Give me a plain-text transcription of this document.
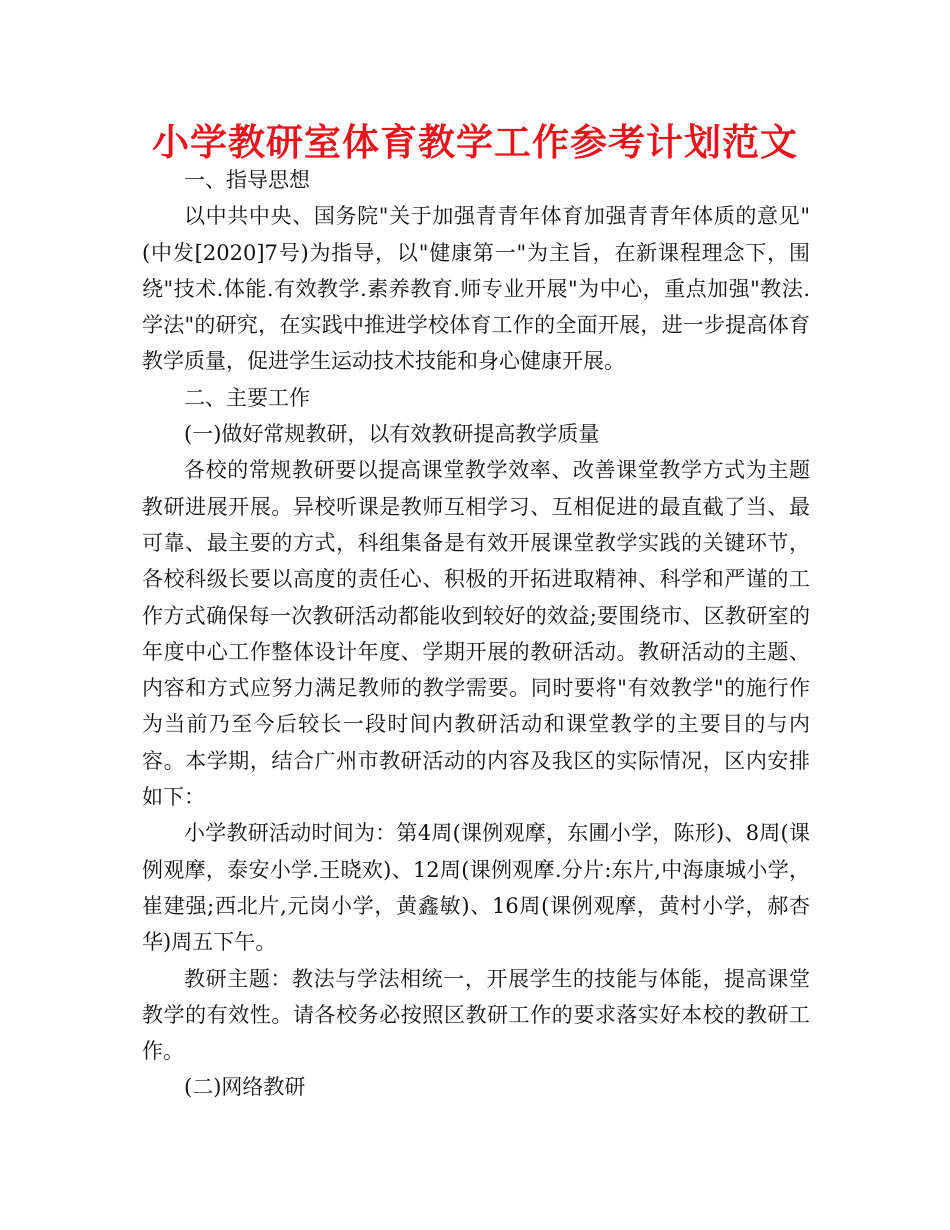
小学教研室体育教学工作参考计划范文

一、指导思想

以中共中央、国务院"关于加强青青年体育加强青青年体质的意见"(中发[2020]7号)为指导，以"健康第一"为主旨，在新课程理念下，围绕"技术.体能.有效教学.素养教育.师专业开展"为中心，重点加强"教法.学法"的研究，在实践中推进学校体育工作的全面开展，进一步提高体育教学质量，促进学生运动技术技能和身心健康开展。

二、主要工作

(一)做好常规教研，以有效教研提高教学质量

各校的常规教研要以提高课堂教学效率、改善课堂教学方式为主题教研进展开展。异校听课是教师互相学习、互相促进的最直截了当、最可靠、最主要的方式，科组集备是有效开展课堂教学实践的关键环节，各校科级长要以高度的责任心、积极的开拓进取精神、科学和严谨的工作方式确保每一次教研活动都能收到较好的效益;要围绕市、区教研室的年度中心工作整体设计年度、学期开展的教研活动。教研活动的主题、内容和方式应努力满足教师的教学需要。同时要将"有效教学"的施行作为当前乃至今后较长一段时间内教研活动和课堂教学的主要目的与内容。本学期，结合广州市教研活动的内容及我区的实际情况，区内安排如下：

小学教研活动时间为：第4周(课例观摩，东圃小学，陈形)、8周(课例观摩，泰安小学.王晓欢)、12周(课例观摩.分片:东片,中海康城小学，崔建强;西北片,元岗小学，黄鑫敏)、16周(课例观摩，黄村小学，郝杏华)周五下午。

教研主题：教法与学法相统一，开展学生的技能与体能，提高课堂教学的有效性。请各校务必按照区教研工作的要求落实好本校的教研工作。

(二)网络教研
